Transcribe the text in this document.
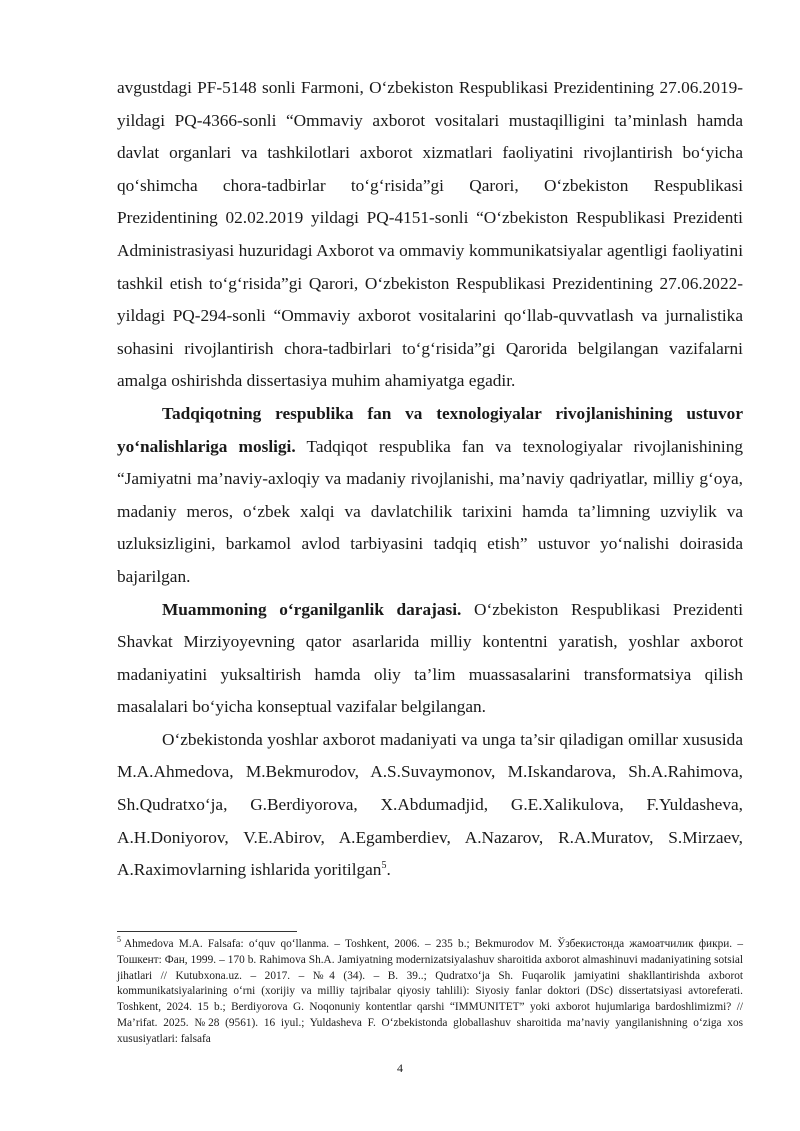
avgustdagi PF-5148 sonli Farmoni, O‘zbekiston Respublikasi Prezidentining 27.06.2019-yildagi PQ-4366-sonli “Ommaviy axborot vositalari mustaqilligini ta’minlash hamda davlat organlari va tashkilotlari axborot xizmatlari faoliyatini rivojlantirish bo‘yicha qo‘shimcha chora-tadbirlar to‘g‘risida”gi Qarori, O‘zbekiston Respublikasi Prezidentining 02.02.2019 yildagi PQ-4151-sonli “O‘zbekiston Respublikasi Prezidenti Administrasiyasi huzuridagi Axborot va ommaviy kommunikatsiyalar agentligi faoliyatini tashkil etish to‘g‘risida”gi Qarori, O‘zbekiston Respublikasi Prezidentining 27.06.2022-yildagi PQ-294-sonli “Ommaviy axborot vositalarini qo‘llab-quvvatlash va jurnalistika sohasini rivojlantirish chora-tadbirlari to‘g‘risida”gi Qarorida belgilangan vazifalarni amalga oshirishda dissertasiya muhim ahamiyatga egadir.

Tadqiqotning respublika fan va texnologiyalar rivojlanishining ustuvor yo‘nalishlariga mosligi. Tadqiqot respublika fan va texnologiyalar rivojlanishining “Jamiyatni ma’naviy-axloqiy va madaniy rivojlanishi, ma’naviy qadriyatlar, milliy g‘oya, madaniy meros, o‘zbek xalqi va davlatchilik tarixini hamda ta’limning uzviylik va uzluksizligini, barkamol avlod tarbiyasini tadqiq etish” ustuvor yo‘nalishi doirasida bajarilgan.

Muammoning o‘rganilganlik darajasi. O‘zbekiston Respublikasi Prezidenti Shavkat Mirziyoyevning qator asarlarida milliy kontentni yaratish, yoshlar axborot madaniyatini yuksaltirish hamda oliy ta’lim muassasalarini transformatsiya qilish masalalari bo‘yicha konseptual vazifalar belgilangan.

O‘zbekistonda yoshlar axborot madaniyati va unga ta’sir qiladigan omillar xususida M.A.Ahmedova, M.Bekmurodov, A.S.Suvaymonov, M.Iskandarova, Sh.A.Rahimova, Sh.Qudratxo‘ja, G.Berdiyorova, X.Abdumadjid, G.E.Xalikulova, F.Yuldasheva, A.H.Doniyorov, V.E.Abirov, A.Egamberdiev, A.Nazarov, R.A.Muratov, S.Mirzaev, A.Raximovlarning ishlarida yoritilgan$^5$.

$^5$ Ahmedova M.A. Falsafa: o‘quv qo‘llanma. – Toshkent, 2006. – 235 b.; Bekmurodov M. Ўзбекистонда жамоатчилик фикри. – Тошкент: Фан, 1999. – 170 b. Rahimova Sh.A. Jamiyatning modernizatsiyalashuv sharoitida axborot almashinuvi madaniyatining sotsial jihatlari // Kutubxona.uz. – 2017. – №4 (34). – B. 39..; Qudratxo‘ja Sh. Fuqarolik jamiyatini shakllantirishda axborot kommunikatsiyalarining o‘rni (xorijiy va milliy tajribalar qiyosiy tahlili): Siyosiy fanlar doktori (DSc) dissertatsiyasi avtoreferati. Toshkent, 2024. 15 b.; Berdiyorova G. Noqonuniy kontentlar qarshi “IMMUNITET” yoki axborot hujumlariga bardoshlimizmi? // Ma’rifat. 2025. №28 (9561). 16 iyul.; Yuldasheva F. O‘zbekistonda globallashuv sharoitida ma’naviy yangilanishning o‘ziga xos xususiyatlari: falsafa

4
